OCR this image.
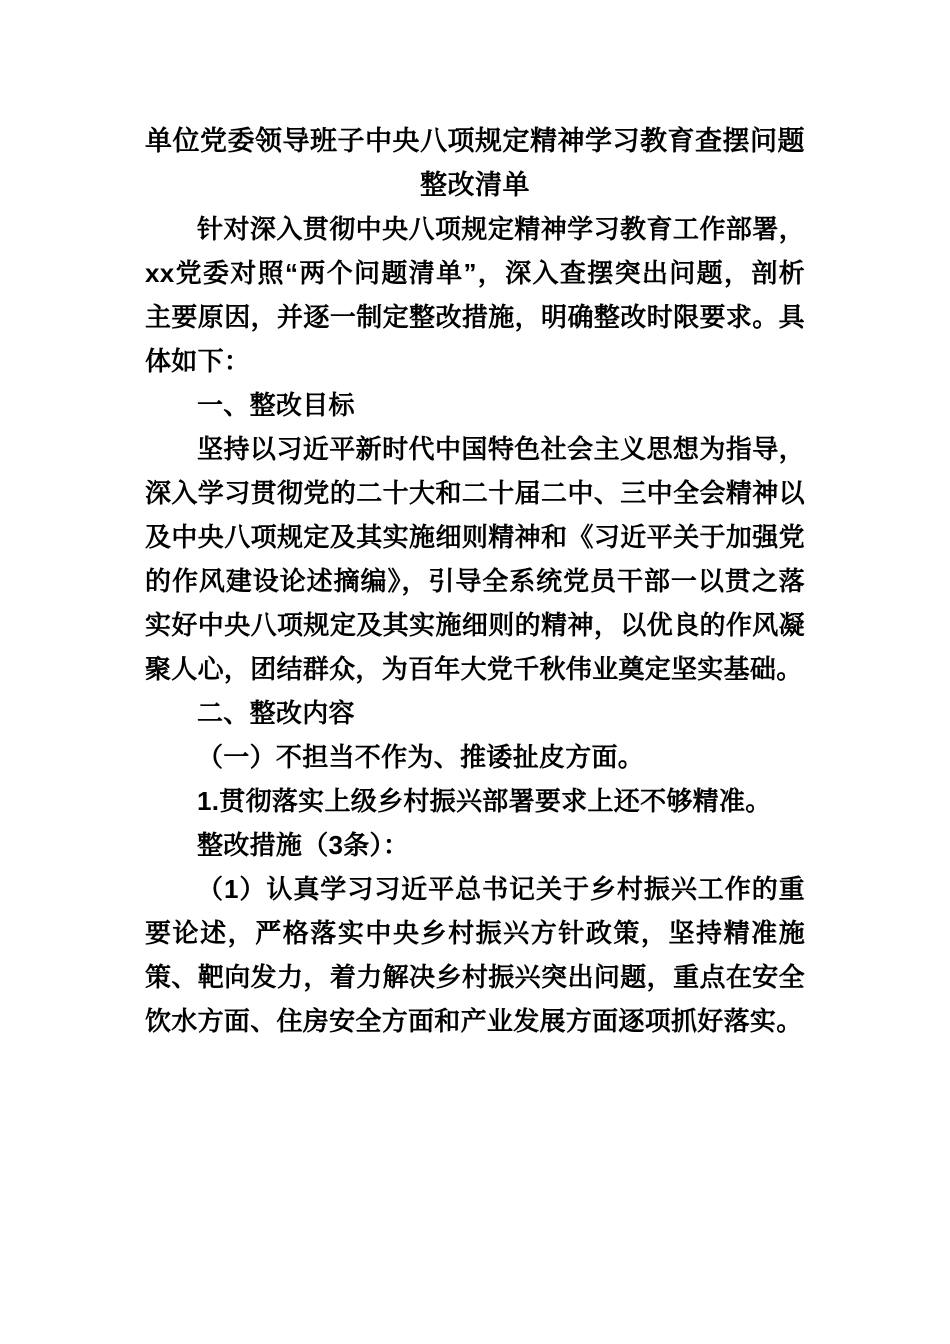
单位党委领导班子中央八项规定精神学习教育查摆问题整改清单

针对深入贯彻中央八项规定精神学习教育工作部署，xx党委对照“两个问题清单”，深入查摆突出问题，剖析主要原因，并逐一制定整改措施，明确整改时限要求。具体如下：

一、整改目标

坚持以习近平新时代中国特色社会主义思想为指导，深入学习贯彻党的二十大和二十届二中、三中全会精神以及中央八项规定及其实施细则精神和《习近平关于加强党的作风建设论述摘编》，引导全系统党员干部一以贯之落实好中央八项规定及其实施细则的精神，以优良的作风凝聚人心，团结群众，为百年大党千秋伟业奠定坚实基础。

二、整改内容

（一）不担当不作为、推诿扯皮方面。

1.贯彻落实上级乡村振兴部署要求上还不够精准。

整改措施（3条）：

（1）认真学习习近平总书记关于乡村振兴工作的重要论述，严格落实中央乡村振兴方针政策，坚持精准施策、靶向发力，着力解决乡村振兴突出问题，重点在安全饮水方面、住房安全方面和产业发展方面逐项抓好落实。
